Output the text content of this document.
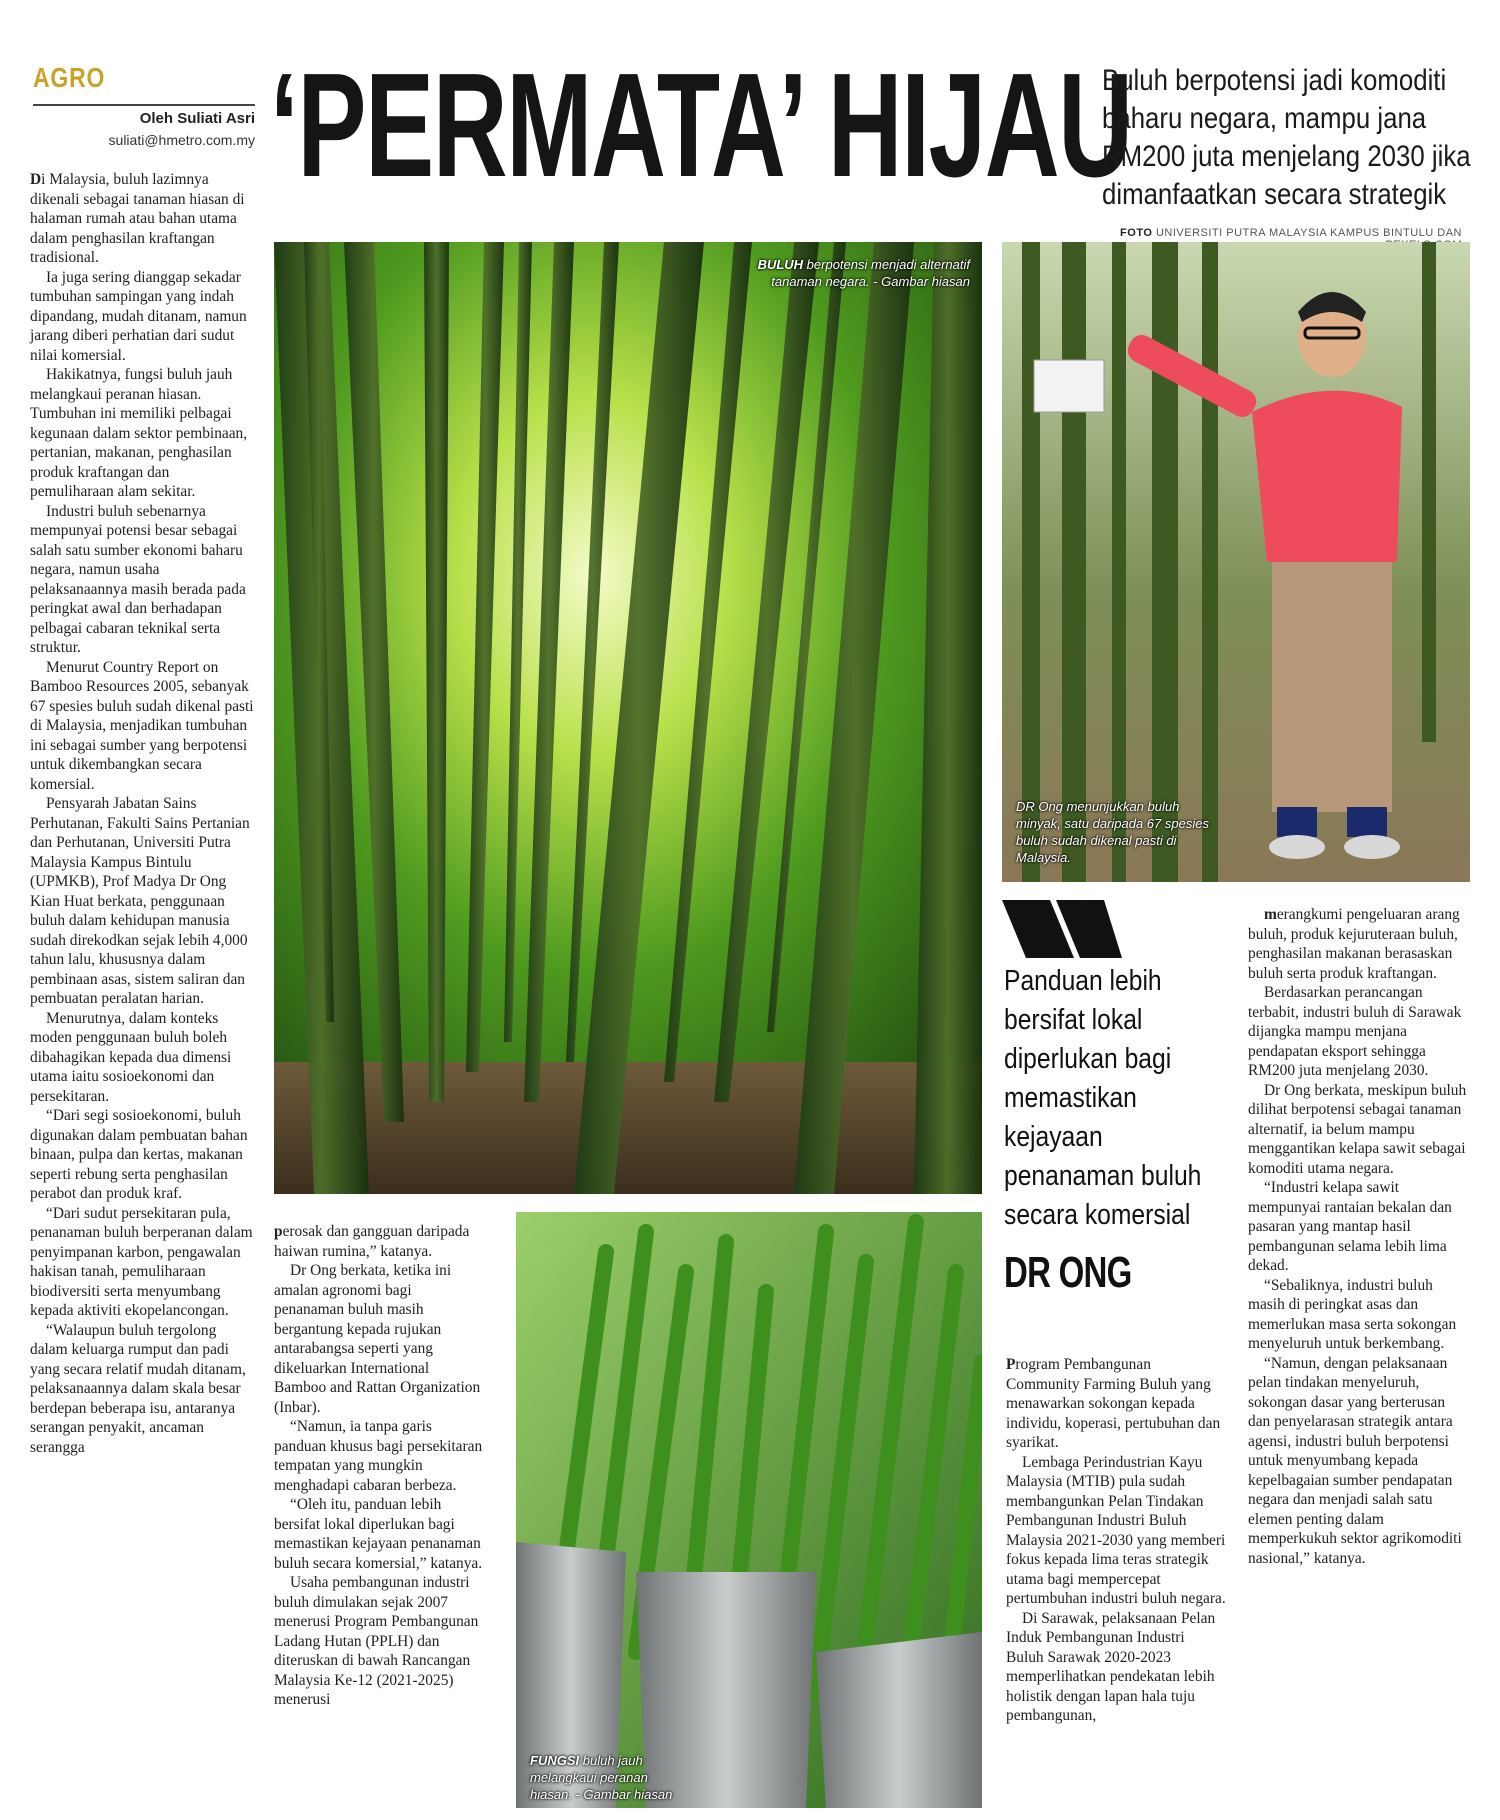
AGRO
Oleh Suliati Asri
suliati@hmetro.com.my ‘PERMATA’ HIJAU
Buluh berpotensi jadi komoditi baharu negara, mampu jana RM200 juta menjelang 2030 jika dimanfaatkan secara strategik
FOTO UNIVERSITI PUTRA MALAYSIA KAMPUS BINTULU DAN

Di Malaysia, buluh lazimnya dikenali sebagai tanaman hiasan di halaman rumah atau bahan utama dalam penghasilan kraftangan tradisional.

Ia juga sering dianggap sekadar tumbuhan sampingan yang indah dipandang, mudah ditanam, namun jarang diberi perhatian dari sudut nilai komersial.

Hakikatnya, fungsi buluh jauh melangkaui peranan hiasan. Tumbuhan ini memiliki pelbagai kegunaan dalam sektor pembinaan, pertanian, makanan, penghasilan produk kraftangan dan pemuliharaan alam sekitar.

Industri buluh sebenarnya mempunyai potensi besar sebagai salah satu sumber ekonomi baharu negara, namun usaha pelaksanaannya masih berada pada peringkat awal dan berhadapan pelbagai cabaran teknikal serta struktur.

Menurut Country Report on Bamboo Resources 2005, sebanyak 67 spesies buluh sudah dikenal pasti di Malaysia, menjadikan tumbuhan ini sebagai sumber yang berpotensi untuk dikembangkan secara komersial.

Pensyarah Jabatan Sains Perhutanan, Fakulti Sains Pertanian dan Perhutanan, Universiti Putra Malaysia Kampus Bintulu (UPMKB), Prof Madya Dr Ong Kian Huat berkata, penggunaan buluh dalam kehidupan manusia sudah direkodkan sejak lebih 4,000 tahun lalu, khususnya dalam pembinaan asas, sistem saliran dan pembuatan peralatan harian.

Menurutnya, dalam konteks moden penggunaan buluh boleh dibahagikan kepada dua dimensi utama iaitu sosioekonomi dan persekitaran.

“Dari segi sosioekonomi, buluh digunakan dalam pembuatan bahan binaan, pulpa dan kertas, makanan seperti rebung serta penghasilan perabot dan produk kraf.

“Dari sudut persekitaran pula, penanaman buluh berperanan dalam penyimpanan karbon, pengawalan hakisan tanah, pemuliharaan biodiversiti serta menyumbang kepada aktiviti ekopelancongan.

“Walaupun buluh tergolong dalam keluarga rumput dan padi yang secara relatif mudah ditanam, pelaksanaannya dalam skala besar berdepan beberapa isu, antaranya serangan penyakit, ancaman serangga

BULUH berpotensi menjadi alternatif tanaman negara. - Gambar hiasan
DR Ong menunjukkan buluh minyak, satu daripada 67 spesies buluh sudah dikenal pasti di Malaysia.
Panduan lebih bersifat lokal diperlukan bagi memastikan kejayaan penanaman buluh secara komersial
DR ONG

perosak dan gangguan daripada haiwan rumina,” katanya.

Dr Ong berkata, ketika ini amalan agronomi bagi penanaman buluh masih bergantung kepada rujukan antarabangsa seperti yang dikeluarkan International Bamboo and Rattan Organization (Inbar).

“Namun, ia tanpa garis panduan khusus bagi persekitaran tempatan yang mungkin menghadapi cabaran berbeza.

“Oleh itu, panduan lebih bersifat lokal diperlukan bagi memastikan kejayaan penanaman buluh secara komersial,” katanya.

Usaha pembangunan industri buluh dimulakan sejak 2007 menerusi Program Pembangunan Ladang Hutan (PPLH) dan diteruskan di bawah Rancangan Malaysia Ke-12 (2021-2025) menerusi

FUNGSI buluh jauh melangkaui peranan hiasan. - Gambar hiasan

Program Pembangunan Community Farming Buluh yang menawarkan sokongan kepada individu, koperasi, pertubuhan dan syarikat.

Lembaga Perindustrian Kayu Malaysia (MTIB) pula sudah membangunkan Pelan Tindakan Pembangunan Industri Buluh Malaysia 2021-2030 yang memberi fokus kepada lima teras strategik utama bagi mempercepat pertumbuhan industri buluh negara.

Di Sarawak, pelaksanaan Pelan Induk Pembangunan Industri Buluh Sarawak 2020-2023 memperlihatkan pendekatan lebih holistik dengan lapan hala tuju pembangunan,

merangkumi pengeluaran arang buluh, produk kejuruteraan buluh, penghasilan makanan berasaskan buluh serta produk kraftangan.

Berdasarkan perancangan terbabit, industri buluh di Sarawak dijangka mampu menjana pendapatan eksport sehingga RM200 juta menjelang 2030.

Dr Ong berkata, meskipun buluh dilihat berpotensi sebagai tanaman alternatif, ia belum mampu menggantikan kelapa sawit sebagai komoditi utama negara.

“Industri kelapa sawit mempunyai rantaian bekalan dan pasaran yang mantap hasil pembangunan selama lebih lima dekad.

“Sebaliknya, industri buluh masih di peringkat asas dan memerlukan masa serta sokongan menyeluruh untuk berkembang.

“Namun, dengan pelaksanaan pelan tindakan menyeluruh, sokongan dasar yang berterusan dan penyelarasan strategik antara agensi, industri buluh berpotensi untuk menyumbang kepada kepelbagaian sumber pendapatan negara dan menjadi salah satu elemen penting dalam memperkukuh sektor agrikomoditi nasional,” katanya.
